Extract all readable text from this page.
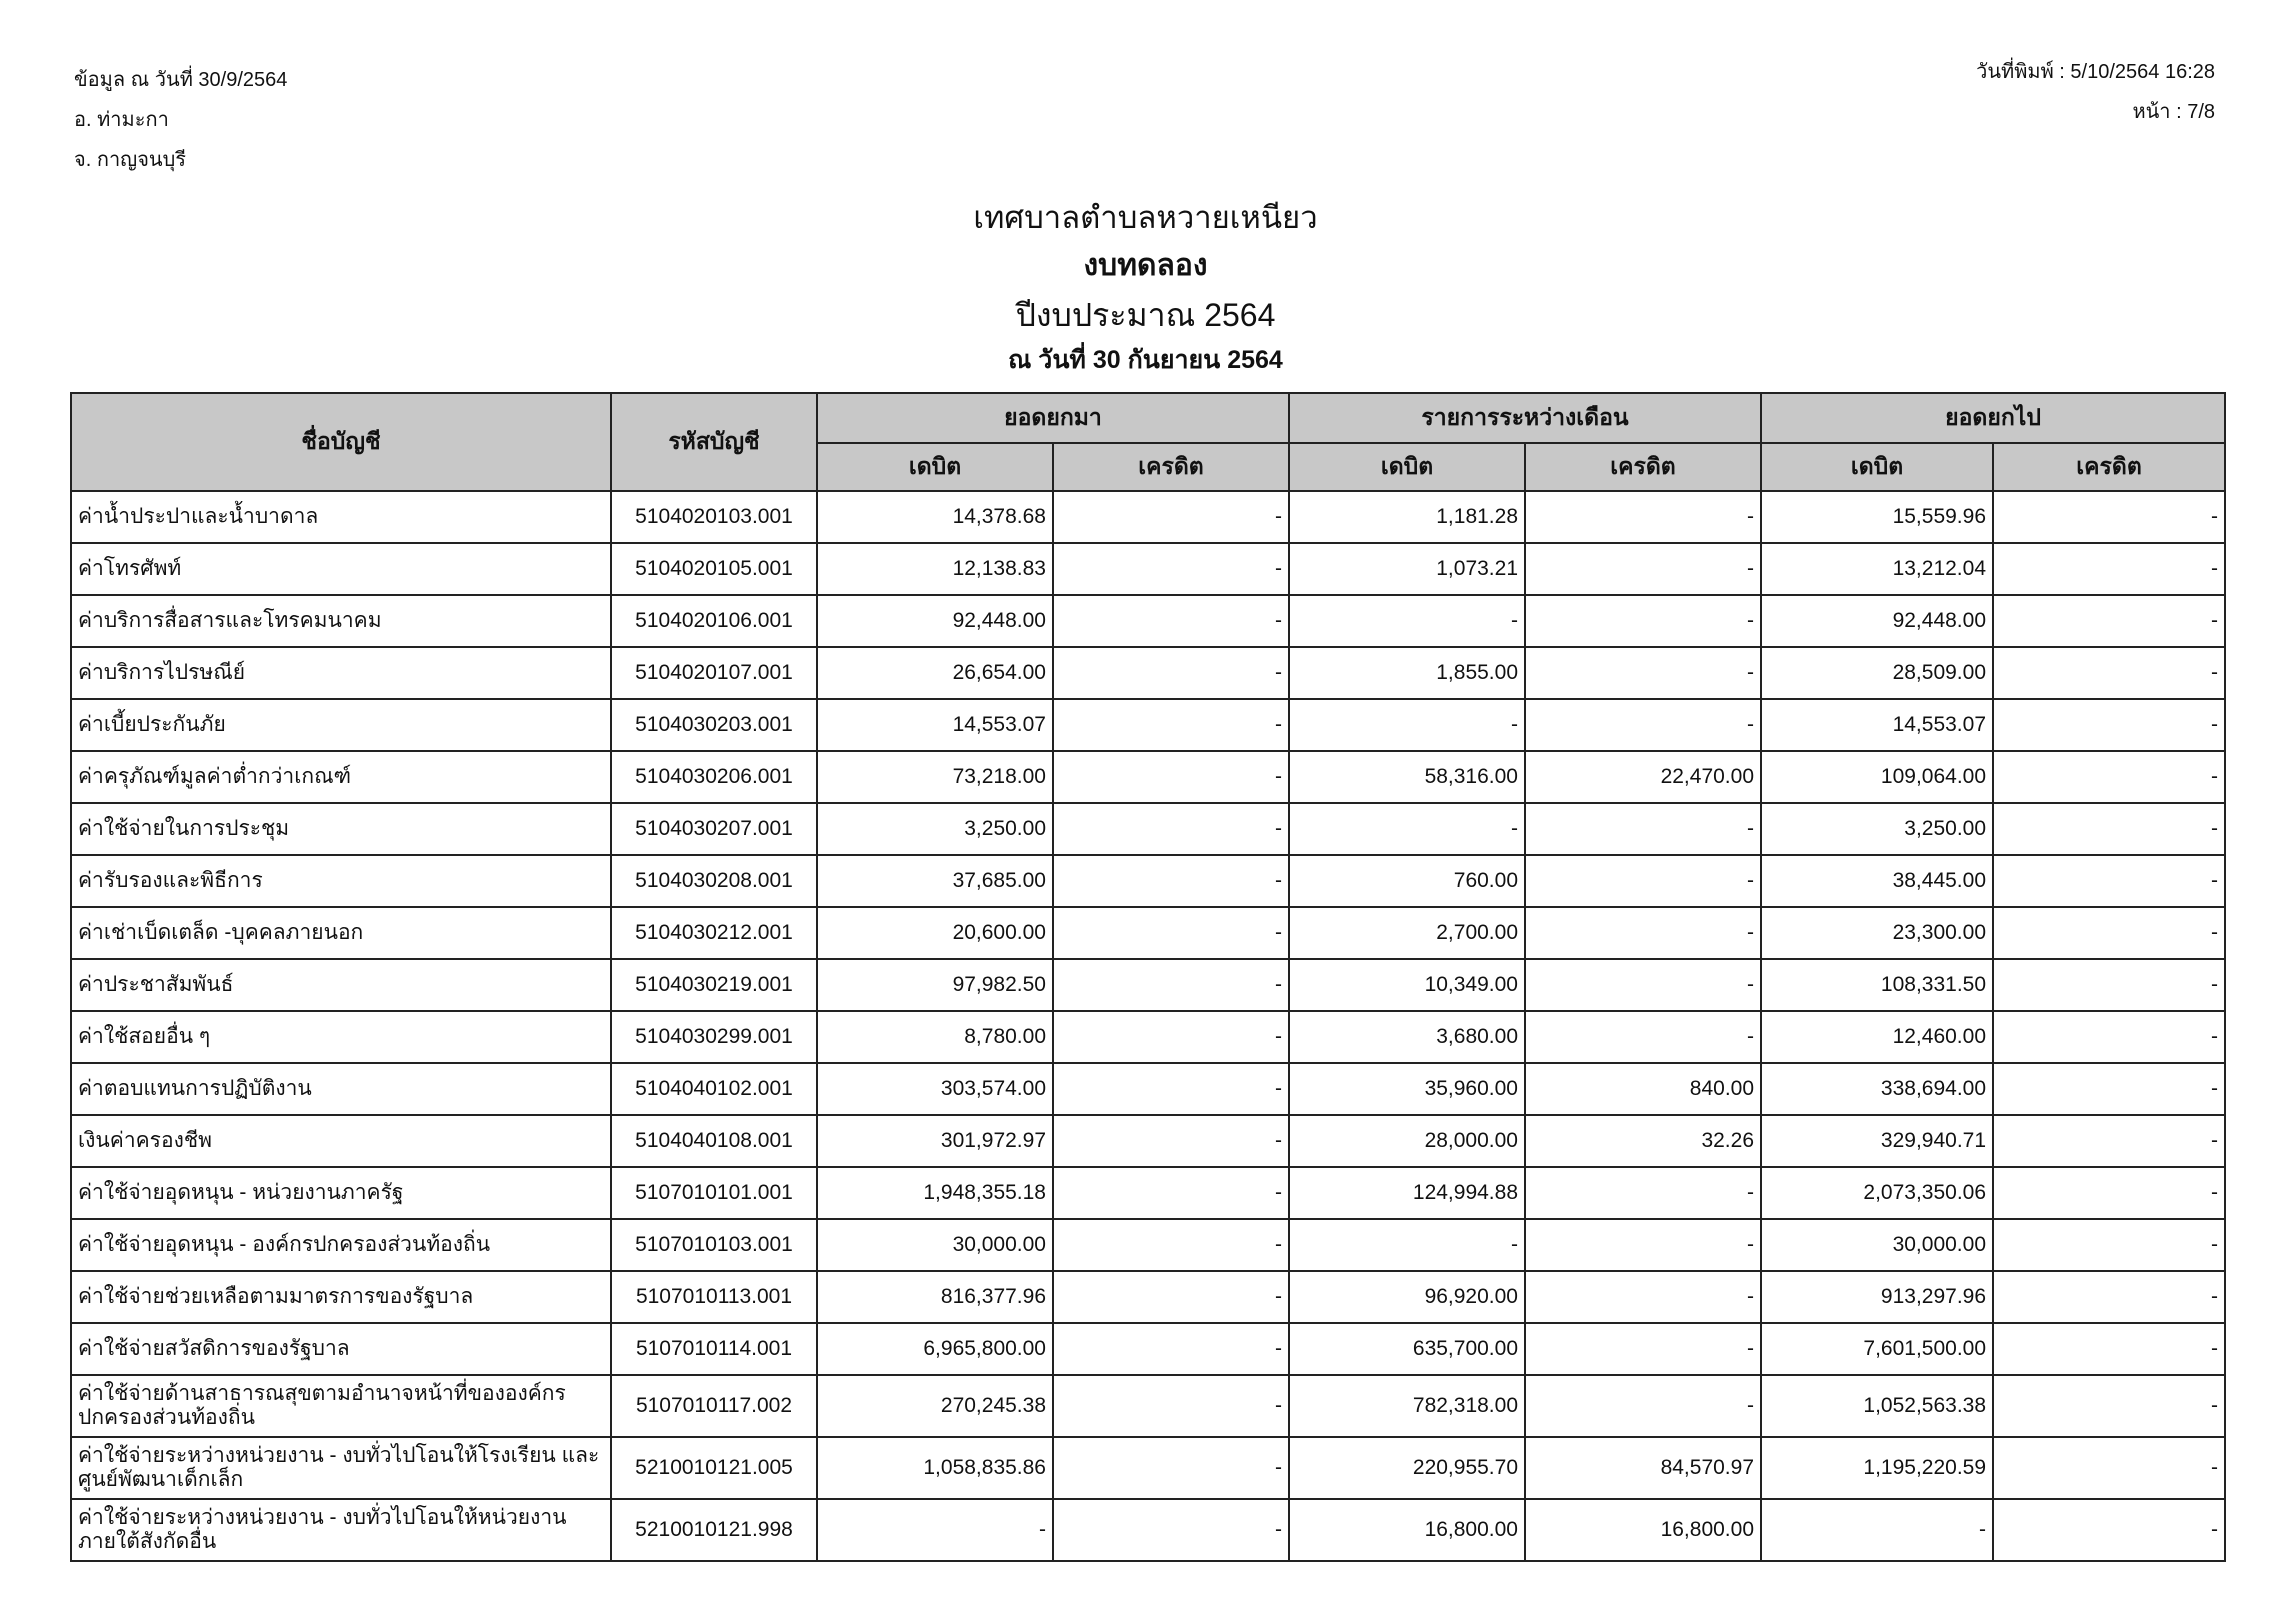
ข้อมูล ณ วันที่ 30/9/2564
อ. ท่ามะกา
จ. กาญจนบุรี
วันที่พิมพ์ : 5/10/2564 16:28
หน้า : 7/8
เทศบาลตำบลหวายเหนียว
งบทดลอง
ปีงบประมาณ 2564
ณ วันที่ 30 กันยายน 2564
ชื่อบัญชี	รหัสบัญชี	ยอดยกมา		รายการระหว่างเดือน		ยอดยกไป	
		เดบิต	เครดิต	เดบิต	เครดิต	เดบิต	เครดิต
ค่าน้ำประปาและน้ำบาดาล	5104020103.001	14,378.68	-	1,181.28	-	15,559.96	-
ค่าโทรศัพท์	5104020105.001	12,138.83	-	1,073.21	-	13,212.04	-
ค่าบริการสื่อสารและโทรคมนาคม	5104020106.001	92,448.00	-	-	-	92,448.00	-
ค่าบริการไปรษณีย์	5104020107.001	26,654.00	-	1,855.00	-	28,509.00	-
ค่าเบี้ยประกันภัย	5104030203.001	14,553.07	-	-	-	14,553.07	-
ค่าครุภัณฑ์มูลค่าต่ำกว่าเกณฑ์	5104030206.001	73,218.00	-	58,316.00	22,470.00	109,064.00	-
ค่าใช้จ่ายในการประชุม	5104030207.001	3,250.00	-	-	-	3,250.00	-
ค่ารับรองและพิธีการ	5104030208.001	37,685.00	-	760.00	-	38,445.00	-
ค่าเช่าเบ็ดเตล็ด -บุคคลภายนอก	5104030212.001	20,600.00	-	2,700.00	-	23,300.00	-
ค่าประชาสัมพันธ์	5104030219.001	97,982.50	-	10,349.00	-	108,331.50	-
ค่าใช้สอยอื่น ๆ	5104030299.001	8,780.00	-	3,680.00	-	12,460.00	-
ค่าตอบแทนการปฏิบัติงาน	5104040102.001	303,574.00	-	35,960.00	840.00	338,694.00	-
เงินค่าครองชีพ	5104040108.001	301,972.97	-	28,000.00	32.26	329,940.71	-
ค่าใช้จ่ายอุดหนุน - หน่วยงานภาครัฐ	5107010101.001	1,948,355.18	-	124,994.88	-	2,073,350.06	-
ค่าใช้จ่ายอุดหนุน - องค์กรปกครองส่วนท้องถิ่น	5107010103.001	30,000.00	-	-	-	30,000.00	-
ค่าใช้จ่ายช่วยเหลือตามมาตรการของรัฐบาล	5107010113.001	816,377.96	-	96,920.00	-	913,297.96	-
ค่าใช้จ่ายสวัสดิการของรัฐบาล	5107010114.001	6,965,800.00	-	635,700.00	-	7,601,500.00	-
ค่าใช้จ่ายด้านสาธารณสุขตามอำนาจหน้าที่ขององค์กรปกครองส่วนท้องถิ่น	5107010117.002	270,245.38	-	782,318.00	-	1,052,563.38	-
ค่าใช้จ่ายระหว่างหน่วยงาน - งบทั่วไปโอนให้โรงเรียน และศูนย์พัฒนาเด็กเล็ก	5210010121.005	1,058,835.86	-	220,955.70	84,570.97	1,195,220.59	-
ค่าใช้จ่ายระหว่างหน่วยงาน - งบทั่วไปโอนให้หน่วยงานภายใต้สังกัดอื่น	5210010121.998	-	-	16,800.00	16,800.00	-	-
